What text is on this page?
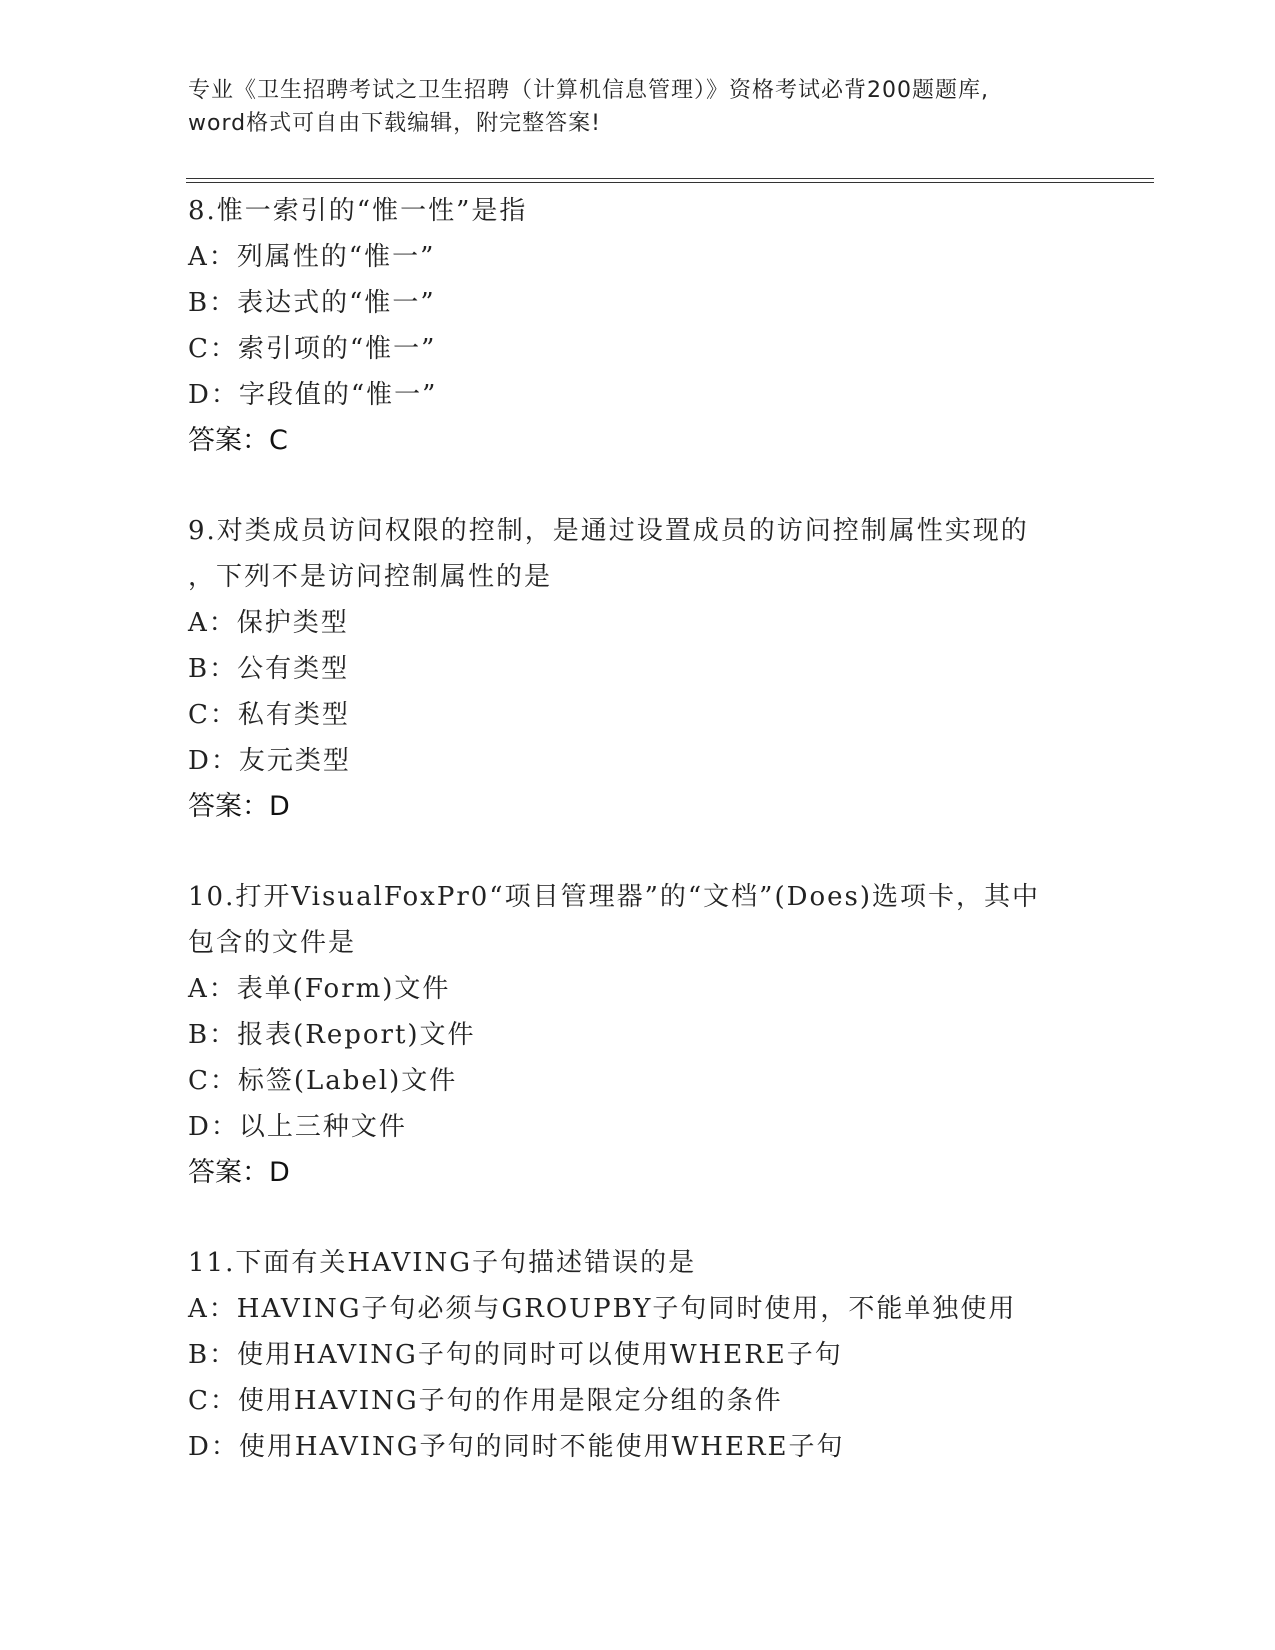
专业《卫生招聘考试之卫生招聘（计算机信息管理）》资格考试必背200题题库,
word格式可自由下载编辑，附完整答案!

8.惟一索引的“惟一性”是指

A：列属性的“惟一”

B：表达式的“惟一”

C：索引项的“惟一”

D：字段值的“惟一”

答案：C

9.对类成员访问权限的控制，是通过设置成员的访问控制属性实现的

，下列不是访问控制属性的是

A：保护类型

B：公有类型

C：私有类型

D：友元类型

答案：D

10.打开VisualFoxPr0“项目管理器”的“文档”(Does)选项卡，其中

包含的文件是

A：表单(Form)文件

B：报表(Report)文件

C：标签(Label)文件

D：以上三种文件

答案：D

11.下面有关HAVING子句描述错误的是

A：HAVING子句必须与GROUPBY子句同时使用，不能单独使用

B：使用HAVING子句的同时可以使用WHERE子句

C：使用HAVING子句的作用是限定分组的条件

D：使用HAVING予句的同时不能使用WHERE子句
